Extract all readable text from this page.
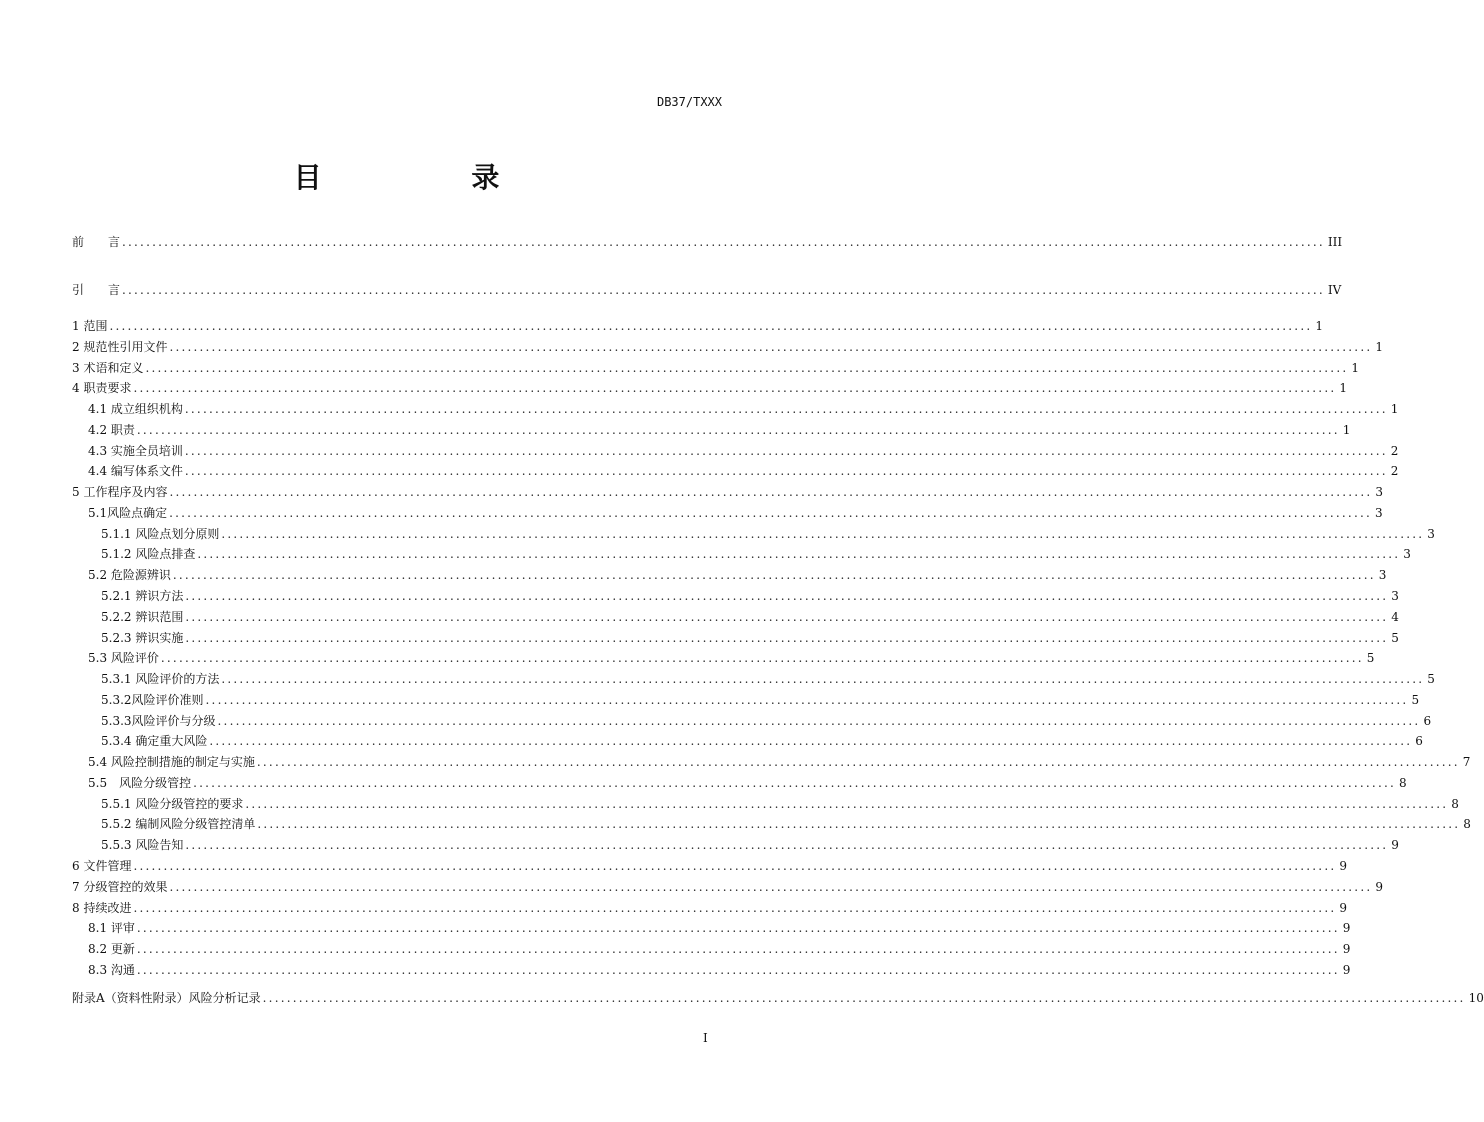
DB37/TXXX
目 录
前　　言 ........................................................................................................................................................................................................ III
引　　言 ........................................................................................................................................................................................................ IV
1 范围 ........................................................................................................................................................................................................ 1
2 规范性引用文件 ........................................................................................................................................................................................................ 1
3 术语和定义 ........................................................................................................................................................................................................ 1
4 职责要求 ........................................................................................................................................................................................................ 1
4.1 成立组织机构 ........................................................................................................................................................................................................ 1
4.2 职责 ........................................................................................................................................................................................................ 1
4.3 实施全员培训 ........................................................................................................................................................................................................ 2
4.4 编写体系文件 ........................................................................................................................................................................................................ 2
5 工作程序及内容 ........................................................................................................................................................................................................ 3
5.1风险点确定 ........................................................................................................................................................................................................ 3
5.1.1 风险点划分原则 ........................................................................................................................................................................................................ 3
5.1.2 风险点排查 ........................................................................................................................................................................................................ 3
5.2 危险源辨识 ........................................................................................................................................................................................................ 3
5.2.1 辨识方法 ........................................................................................................................................................................................................ 3
5.2.2 辨识范围 ........................................................................................................................................................................................................ 4
5.2.3 辨识实施 ........................................................................................................................................................................................................ 5
5.3 风险评价 ........................................................................................................................................................................................................ 5
5.3.1 风险评价的方法 ........................................................................................................................................................................................................ 5
5.3.2风险评价准则 ........................................................................................................................................................................................................ 5
5.3.3风险评价与分级 ........................................................................................................................................................................................................ 6
5.3.4 确定重大风险 ........................................................................................................................................................................................................ 6
5.4 风险控制措施的制定与实施 ........................................................................................................................................................................................................ 7
5.5　风险分级管控 ........................................................................................................................................................................................................ 8
5.5.1 风险分级管控的要求 ........................................................................................................................................................................................................ 8
5.5.2 编制风险分级管控清单 ........................................................................................................................................................................................................ 8
5.5.3 风险告知 ........................................................................................................................................................................................................ 9
6 文件管理 ........................................................................................................................................................................................................ 9
7 分级管控的效果 ........................................................................................................................................................................................................ 9
8 持续改进 ........................................................................................................................................................................................................ 9
8.1 评审 ........................................................................................................................................................................................................ 9
8.2 更新 ........................................................................................................................................................................................................ 9
8.3 沟通 ........................................................................................................................................................................................................ 9
附录A（资料性附录）风险分析记录 ........................................................................................................................................................................................................ 10
I
